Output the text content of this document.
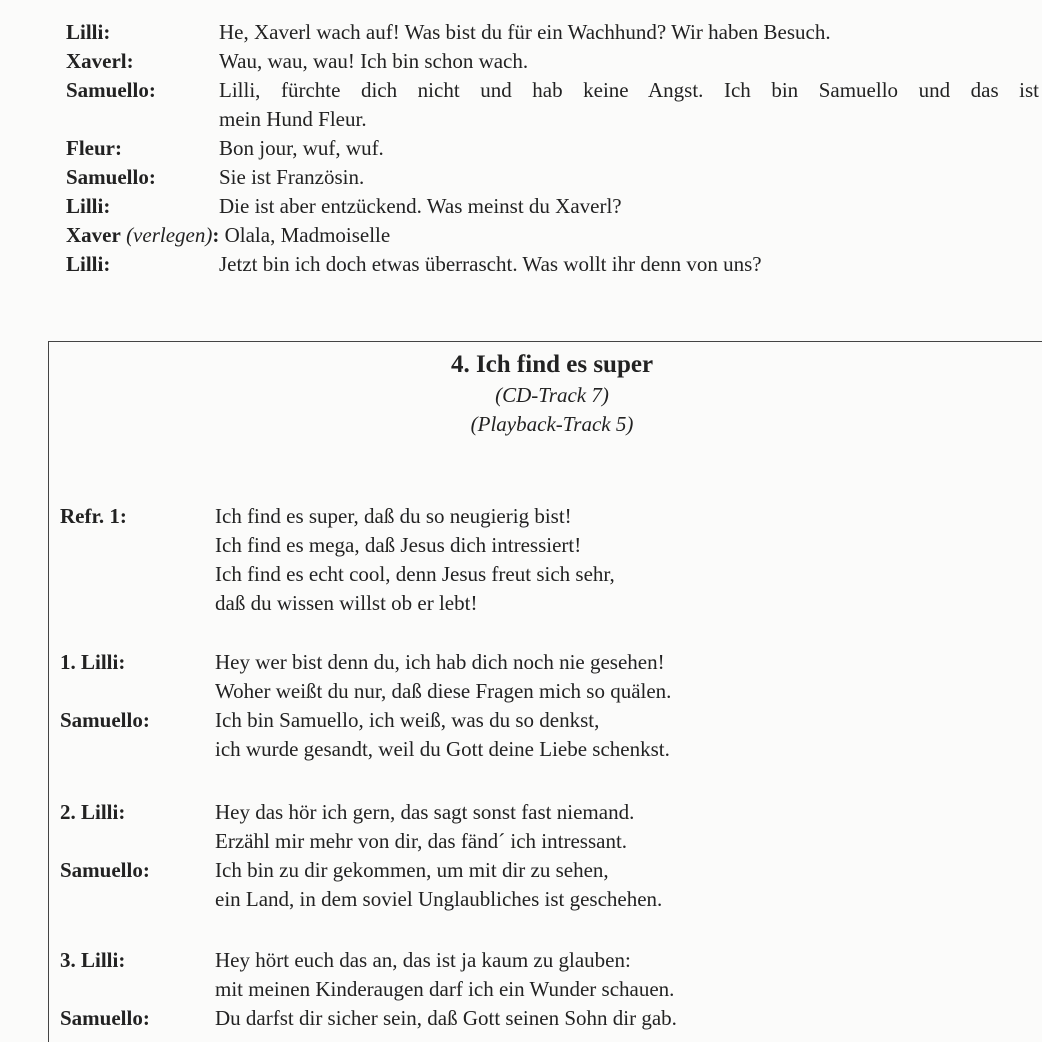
Lilli:	He, Xaverl wach auf! Was bist du für ein Wachhund? Wir haben Besuch.
Xaverl:	Wau, wau, wau! Ich bin schon wach.
Samuello:	Lilli, fürchte dich nicht und hab keine Angst. Ich bin Samuello und das ist
mein Hund Fleur.
Fleur:	Bon jour, wuf, wuf.
Samuello:	Sie ist Französin.
Lilli:	Die ist aber entzückend. Was meinst du Xaverl?
Xaver (verlegen): Olala, Madmoiselle
Lilli:	Jetzt bin ich doch etwas überrascht. Was wollt ihr denn von uns?
4. Ich find es super
(CD-Track 7)
(Playback-Track 5)
Refr. 1:	Ich find es super, daß du so neugierig bist!
Ich find es mega, daß Jesus dich intressiert!
Ich find es echt cool, denn Jesus freut sich sehr,
daß du wissen willst ob er lebt!
1. Lilli:	Hey wer bist denn du, ich hab dich noch nie gesehen!
Woher weißt du nur, daß diese Fragen mich so quälen.
Samuello:	Ich bin Samuello, ich weiß, was du so denkst,
ich wurde gesandt, weil du Gott deine Liebe schenkst.
2. Lilli:	Hey das hör ich gern, das sagt sonst fast niemand.
Erzähl mir mehr von dir, das fänd´ ich intressant.
Samuello:	Ich bin zu dir gekommen, um mit dir zu sehen,
ein Land, in dem soviel Unglaubliches ist geschehen.
3. Lilli:	Hey hört euch das an, das ist ja kaum zu glauben:
mit meinen Kinderaugen darf ich ein Wunder schauen.
Samuello:	Du darfst dir sicher sein, daß Gott seinen Sohn dir gab.
